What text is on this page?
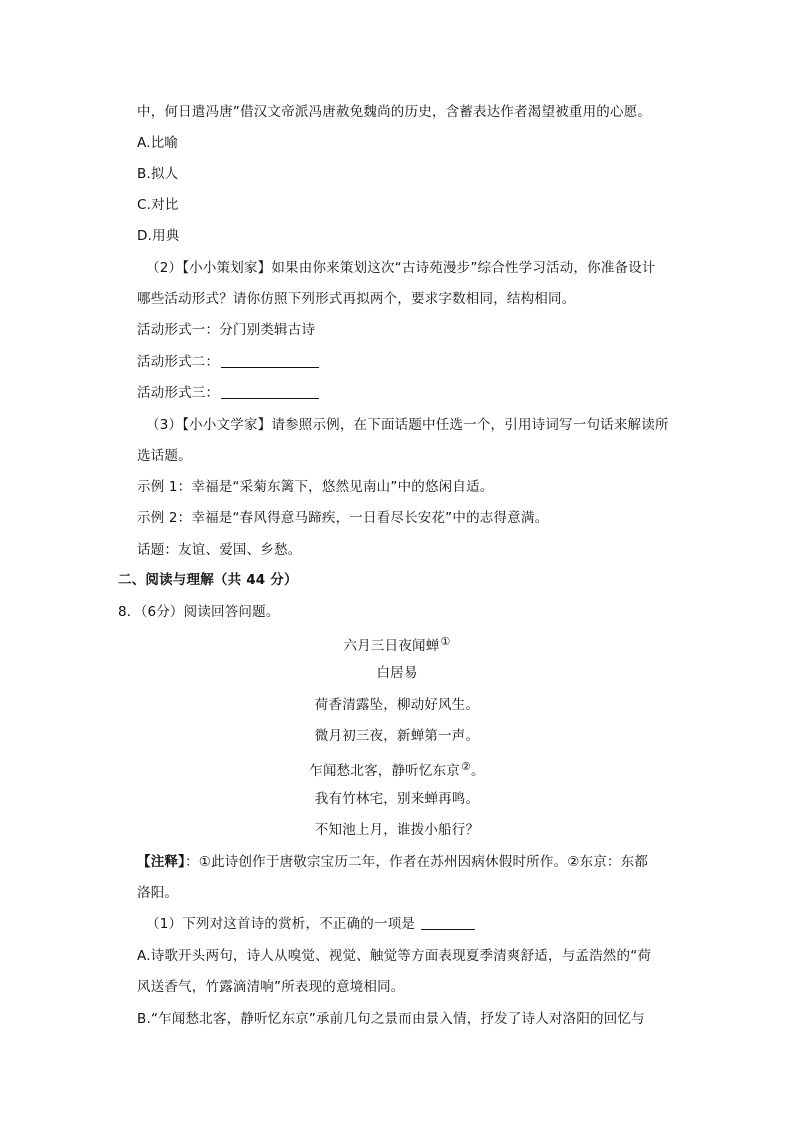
中，何日遣冯唐”借汉文帝派冯唐赦免魏尚的历史，含蓄表达作者渴望被重用的心愿。
A.比喻
B.拟人
C.对比
D.用典
（2）【小小策划家】如果由你来策划这次“古诗苑漫步”综合性学习活动，你准备设计
哪些活动形式？请你仿照下列形式再拟两个，要求字数相同，结构相同。
活动形式一：分门别类辑古诗
活动形式二：
活动形式三：
（3）【小小文学家】请参照示例，在下面话题中任选一个，引用诗词写一句话来解读所
选话题。
示例 1：幸福是“采菊东篱下，悠然见南山”中的悠闲自适。
示例 2：幸福是“春风得意马蹄疾，一日看尽长安花”中的志得意满。
话题：友谊、爱国、乡愁。
二、阅读与理解（共 44 分）
8．（6分）阅读回答问题。
六月三日夜闻蝉①
白居易
荷香清露坠，柳动好风生。
微月初三夜，新蝉第一声。
乍闻愁北客，静听忆东京②。
我有竹林宅，别来蝉再鸣。
不知池上月，谁拨小船行？
【注释】：①此诗创作于唐敬宗宝历二年，作者在苏州因病休假时所作。②东京：东都
洛阳。
（1）下列对这首诗的赏析，不正确的一项是
A.诗歌开头两句，诗人从嗅觉、视觉、触觉等方面表现夏季清爽舒适，与孟浩然的“荷
风送香气，竹露滴清响”所表现的意境相同。
B.“乍闻愁北客，静听忆东京”承前几句之景而由景入情，抒发了诗人对洛阳的回忆与
